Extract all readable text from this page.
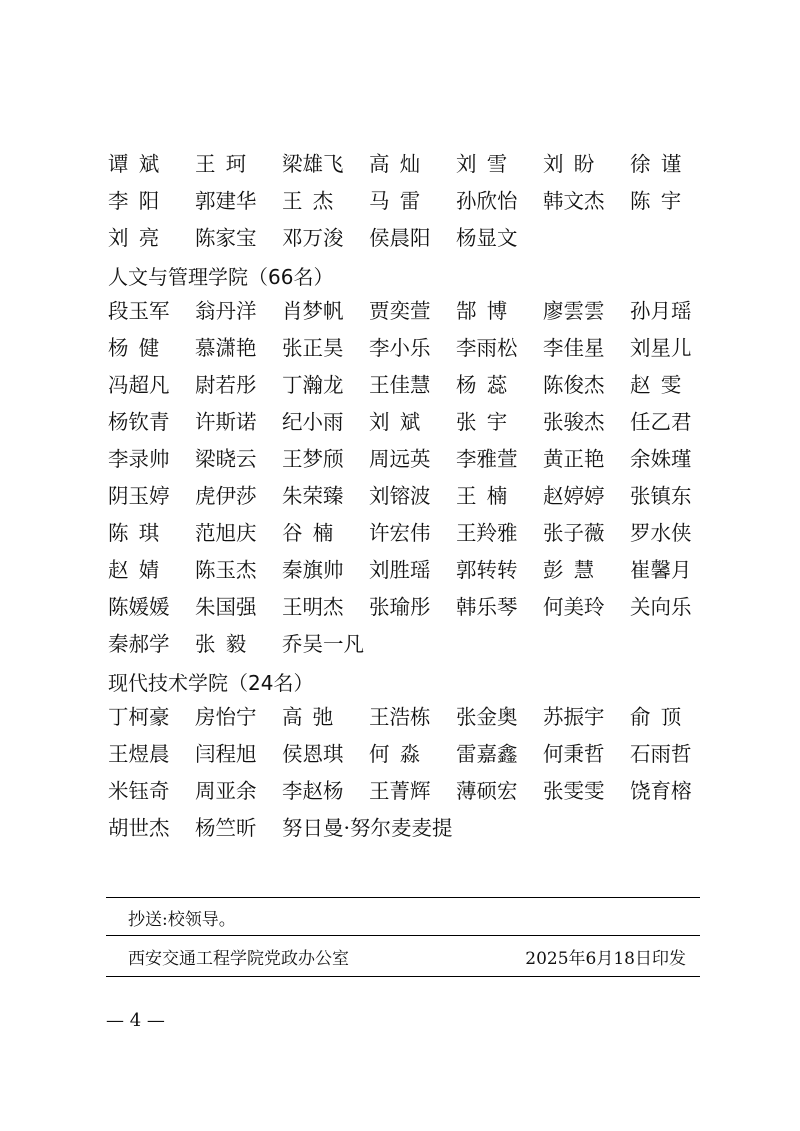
谭斌	王珂	梁雄飞	高灿	刘雪	刘盼	徐谨
李阳	郭建华	王杰	马雷	孙欣怡	韩文杰	陈宇
刘亮	陈家宝	邓万浚	侯晨阳	杨显文
人文与管理学院（66名）
段玉军	翁丹洋	肖梦帆	贾奕萱	郜博	廖雲雲	孙月瑶
杨健	慕潇艳	张正昊	李小乐	李雨松	李佳星	刘星儿
冯超凡	尉若彤	丁瀚龙	王佳慧	杨蕊	陈俊杰	赵雯
杨钦青	许斯诺	纪小雨	刘斌	张宇	张骏杰	任乙君
李录帅	梁晓云	王梦颀	周远英	李雅萱	黄正艳	余姝瑾
阴玉婷	虎伊莎	朱荣臻	刘镕波	王楠	赵婷婷	张镇东
陈琪	范旭庆	谷楠	许宏伟	王羚雅	张子薇	罗水侠
赵婧	陈玉杰	秦旗帅	刘胜瑶	郭转转	彭慧	崔馨月
陈媛媛	朱国强	王明杰	张瑜彤	韩乐琴	何美玲	关向乐
秦郝学	张毅	乔吴一凡
现代技术学院（24名）
丁柯豪	房怡宁	高弛	王浩栋	张金奥	苏振宇	俞顶
王煜晨	闫程旭	侯恩琪	何淼	雷嘉鑫	何秉哲	石雨哲
米钰奇	周亚余	李赵杨	王菁辉	薄硕宏	张雯雯	饶育榕
胡世杰	杨竺昕	努日曼·努尔麦麦提
抄送:校领导。
西安交通工程学院党政办公室	2025年6月18日印发
— 4 —
